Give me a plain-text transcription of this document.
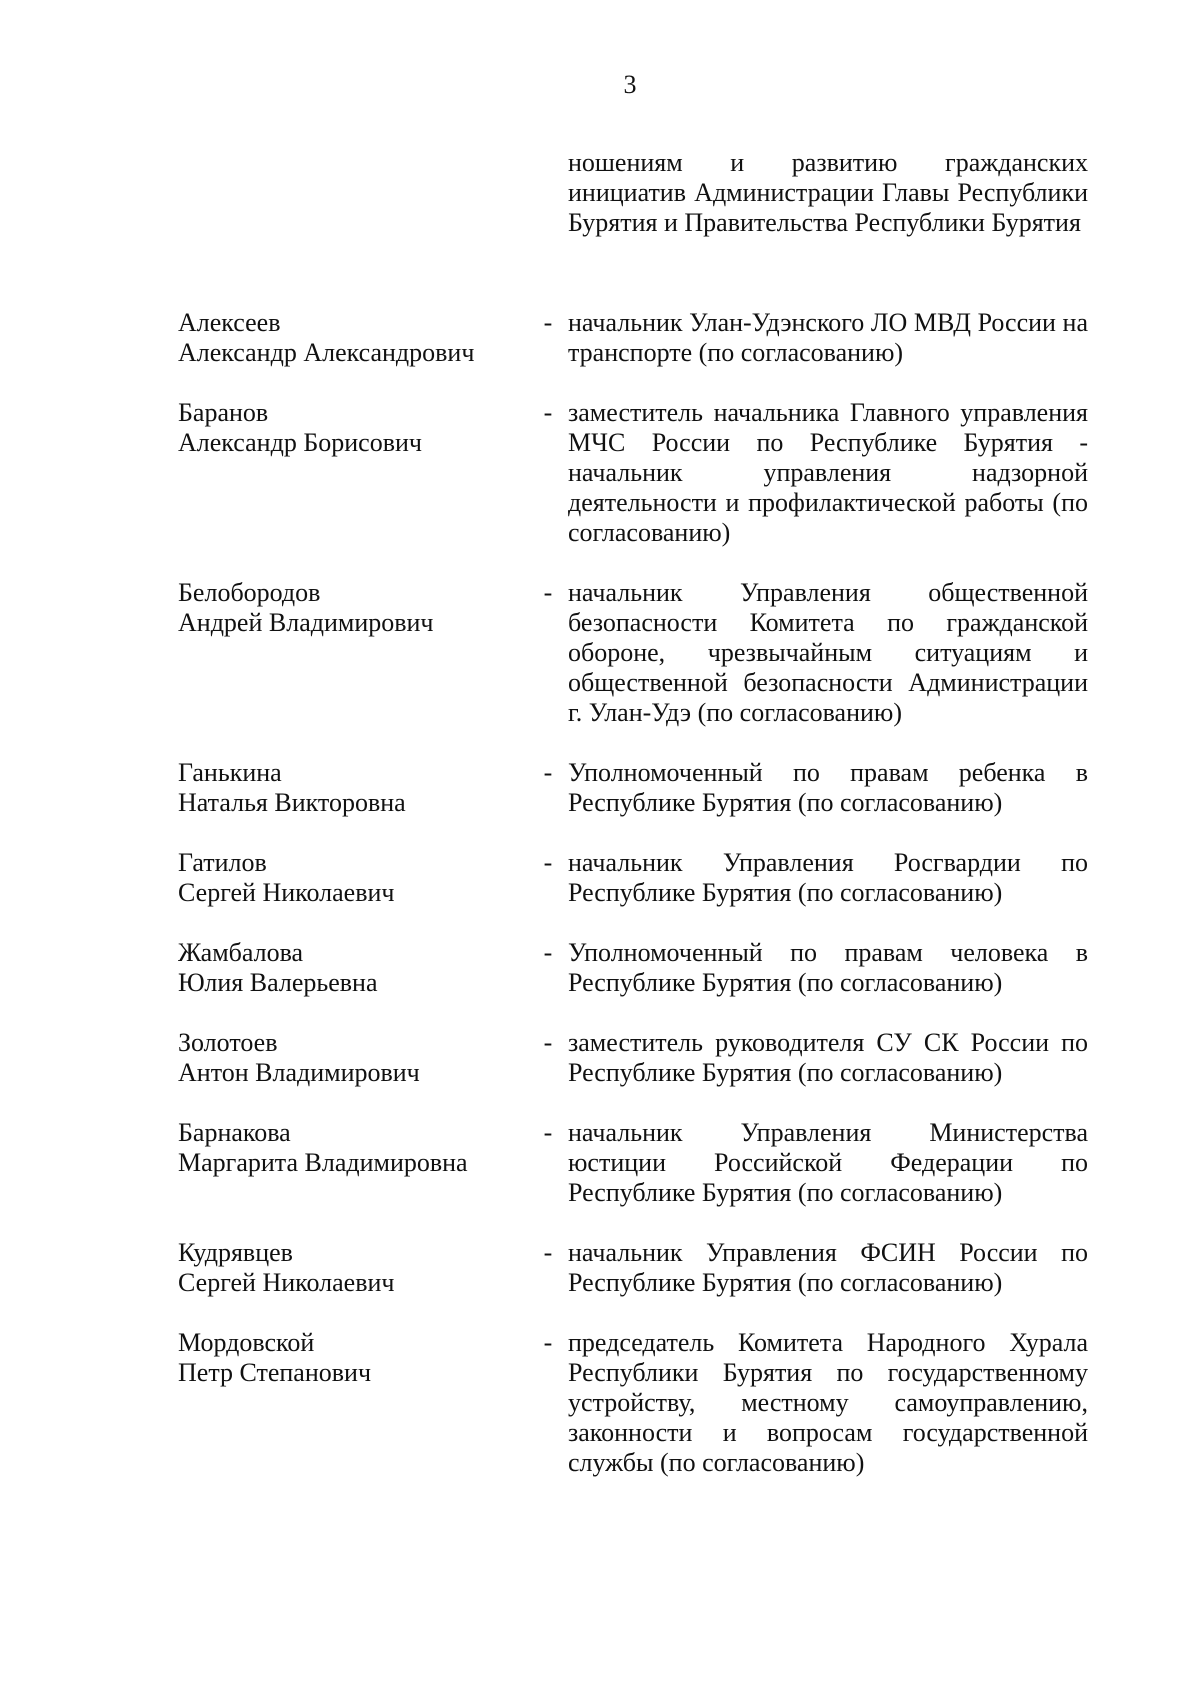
3
ношениям и развитию гражданских инициатив Администрации Главы Республики Бурятия и Правительства Республики Бурятия
Алексеев
Александр Александрович
- начальник Улан-Удэнского ЛО МВД России на транспорте (по согласованию)
Баранов
Александр Борисович
- заместитель начальника Главного управления МЧС России по Республике Бурятия - начальник управления надзорной деятельности и профилактической работы (по согласованию)
Белобородов
Андрей Владимирович
- начальник Управления общественной безопасности Комитета по гражданской обороне, чрезвычайным ситуациям и общественной безопасности Администрации г. Улан-Удэ (по согласованию)
Ганькина
Наталья Викторовна
- Уполномоченный по правам ребенка в Республике Бурятия (по согласованию)
Гатилов
Сергей Николаевич
- начальник Управления Росгвардии по Республике Бурятия (по согласованию)
Жамбалова
Юлия Валерьевна
- Уполномоченный по правам человека в Республике Бурятия (по согласованию)
Золотоев
Антон Владимирович
- заместитель руководителя СУ СК России по Республике Бурятия (по согласованию)
Барнакова
Маргарита Владимировна
- начальник Управления Министерства юстиции Российской Федерации по Республике Бурятия (по согласованию)
Кудрявцев
Сергей Николаевич
- начальник Управления ФСИН России по Республике Бурятия (по согласованию)
Мордовской
Петр Степанович
- председатель Комитета Народного Хурала Республики Бурятия по государственному устройству, местному самоуправлению, законности и вопросам государственной службы (по согласованию)
